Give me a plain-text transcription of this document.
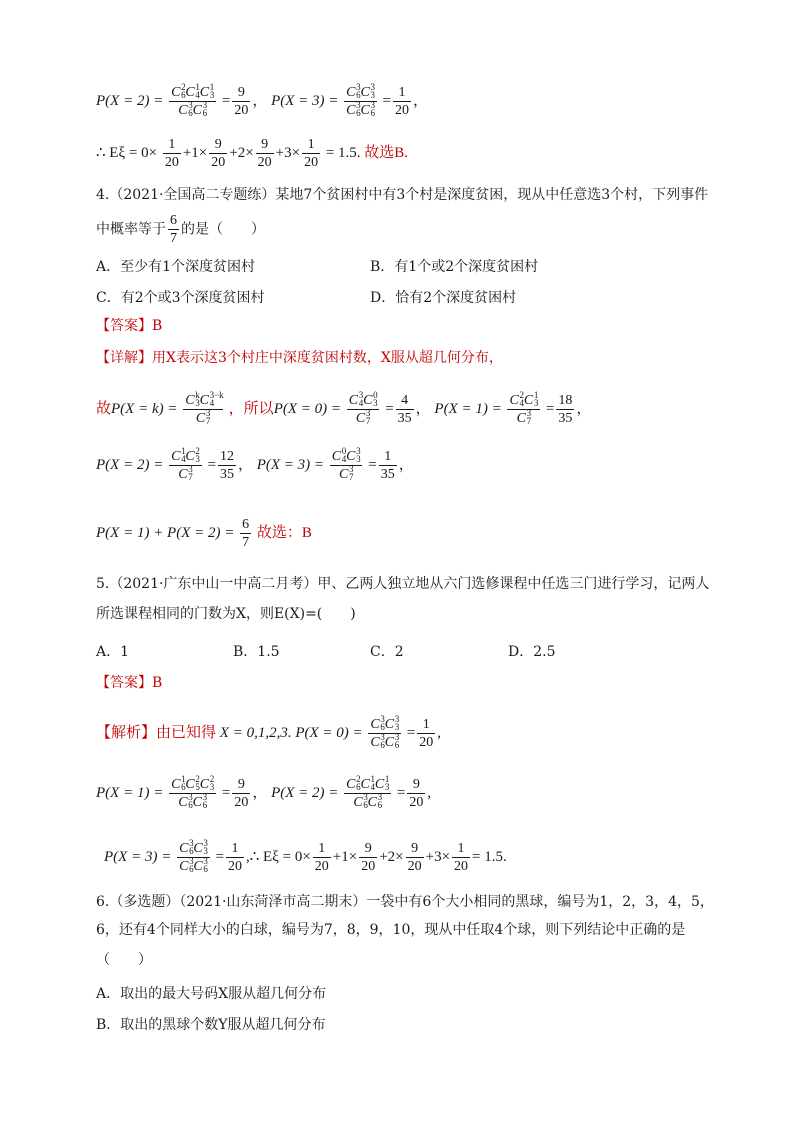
P(X = 2) = C 2
6 C 1
4 C 1
3
C 3
6 C 3
$6 = \frac{9}{20}$ ， P(X = 3) = C 3
6 C 3
3
C 3
6 C 3
$6 = \frac{1}{20}$ ，
∴ $E\xi = 0\times \frac{1}{20} +1\times \frac{9}{20} +2\times \frac{9}{20} +3\times \frac{1}{20} = 1.5$. 故选B.
4.（2021·全国高二专题练）某地7个贫困村中有3个村是深度贫困，现从中任意选3个村，下列事件
中概率等于 $\frac{6}{7}$ 的是（　　）
A．至少有1个深度贫困村	B．有1个或2个深度贫困村
C．有2个或3个深度贫困村	D．恰有2个深度贫困村
【答案】B
【详解】用X表示这3个村庄中深度贫困村数，X服从超几何分布，
故P(X = k) = C k
3 C 3−k
4

C 3
7 ，所以P(X = 0) = C 3
4 C 0
3
C 3
$7 = \frac{4}{35}$ ， P(X = 1) = C 2
4 C 1
3
C 3
$7 = \frac{18}{35}$ ，
P(X = 2) = C 1
4 C 2
3
C 3
$7 = \frac{12}{35}$ ， P(X = 3) = C 0
4 C 3
3
C 3
$7 = \frac{1}{35}$ ，
$P(X = 1) + P(X = 2) = \frac{6}{7}$ 故选：B
5.（2021·广东中山一中高二月考）甲、乙两人独立地从六门选修课程中任选三门进行学习，记两人
所选课程相同的门数为X，则E(X)=(　　)
A．1	B．1.5	C．2	D．2.5
【答案】B
【解析】由已知得 X = 0,1,2,3. P(X = 0) = C 3
6 C 3
3
C 3
6 C 3
$6 = \frac{1}{20}$ ,
P(X = 1) = C 1
6 C 2
5 C 2
3
C 3
6 C 3
$6 = \frac{9}{20}$ ， P(X = 2) = C 2
6 C 1
4 C 1
3
C 3
6 C 3
$6 = \frac{9}{20}$ ,
P(X = 3) = C 3
6 C 3
3
C 3
6 C 3
$6 = \frac{1}{20}$ ,∴ $E\xi = 0\times \frac{1}{20} +1\times \frac{9}{20} +2\times \frac{9}{20} +3\times \frac{1}{20} = 1.5$.
6.（多选题）（2021·山东菏泽市高二期末）一袋中有6个大小相同的黑球，编号为1，2，3，4，5，
6，还有4个同样大小的白球，编号为7，8，9，10，现从中任取4个球，则下列结论中正确的是
（　　）
A．取出的最大号码X服从超几何分布
B．取出的黑球个数Y服从超几何分布
